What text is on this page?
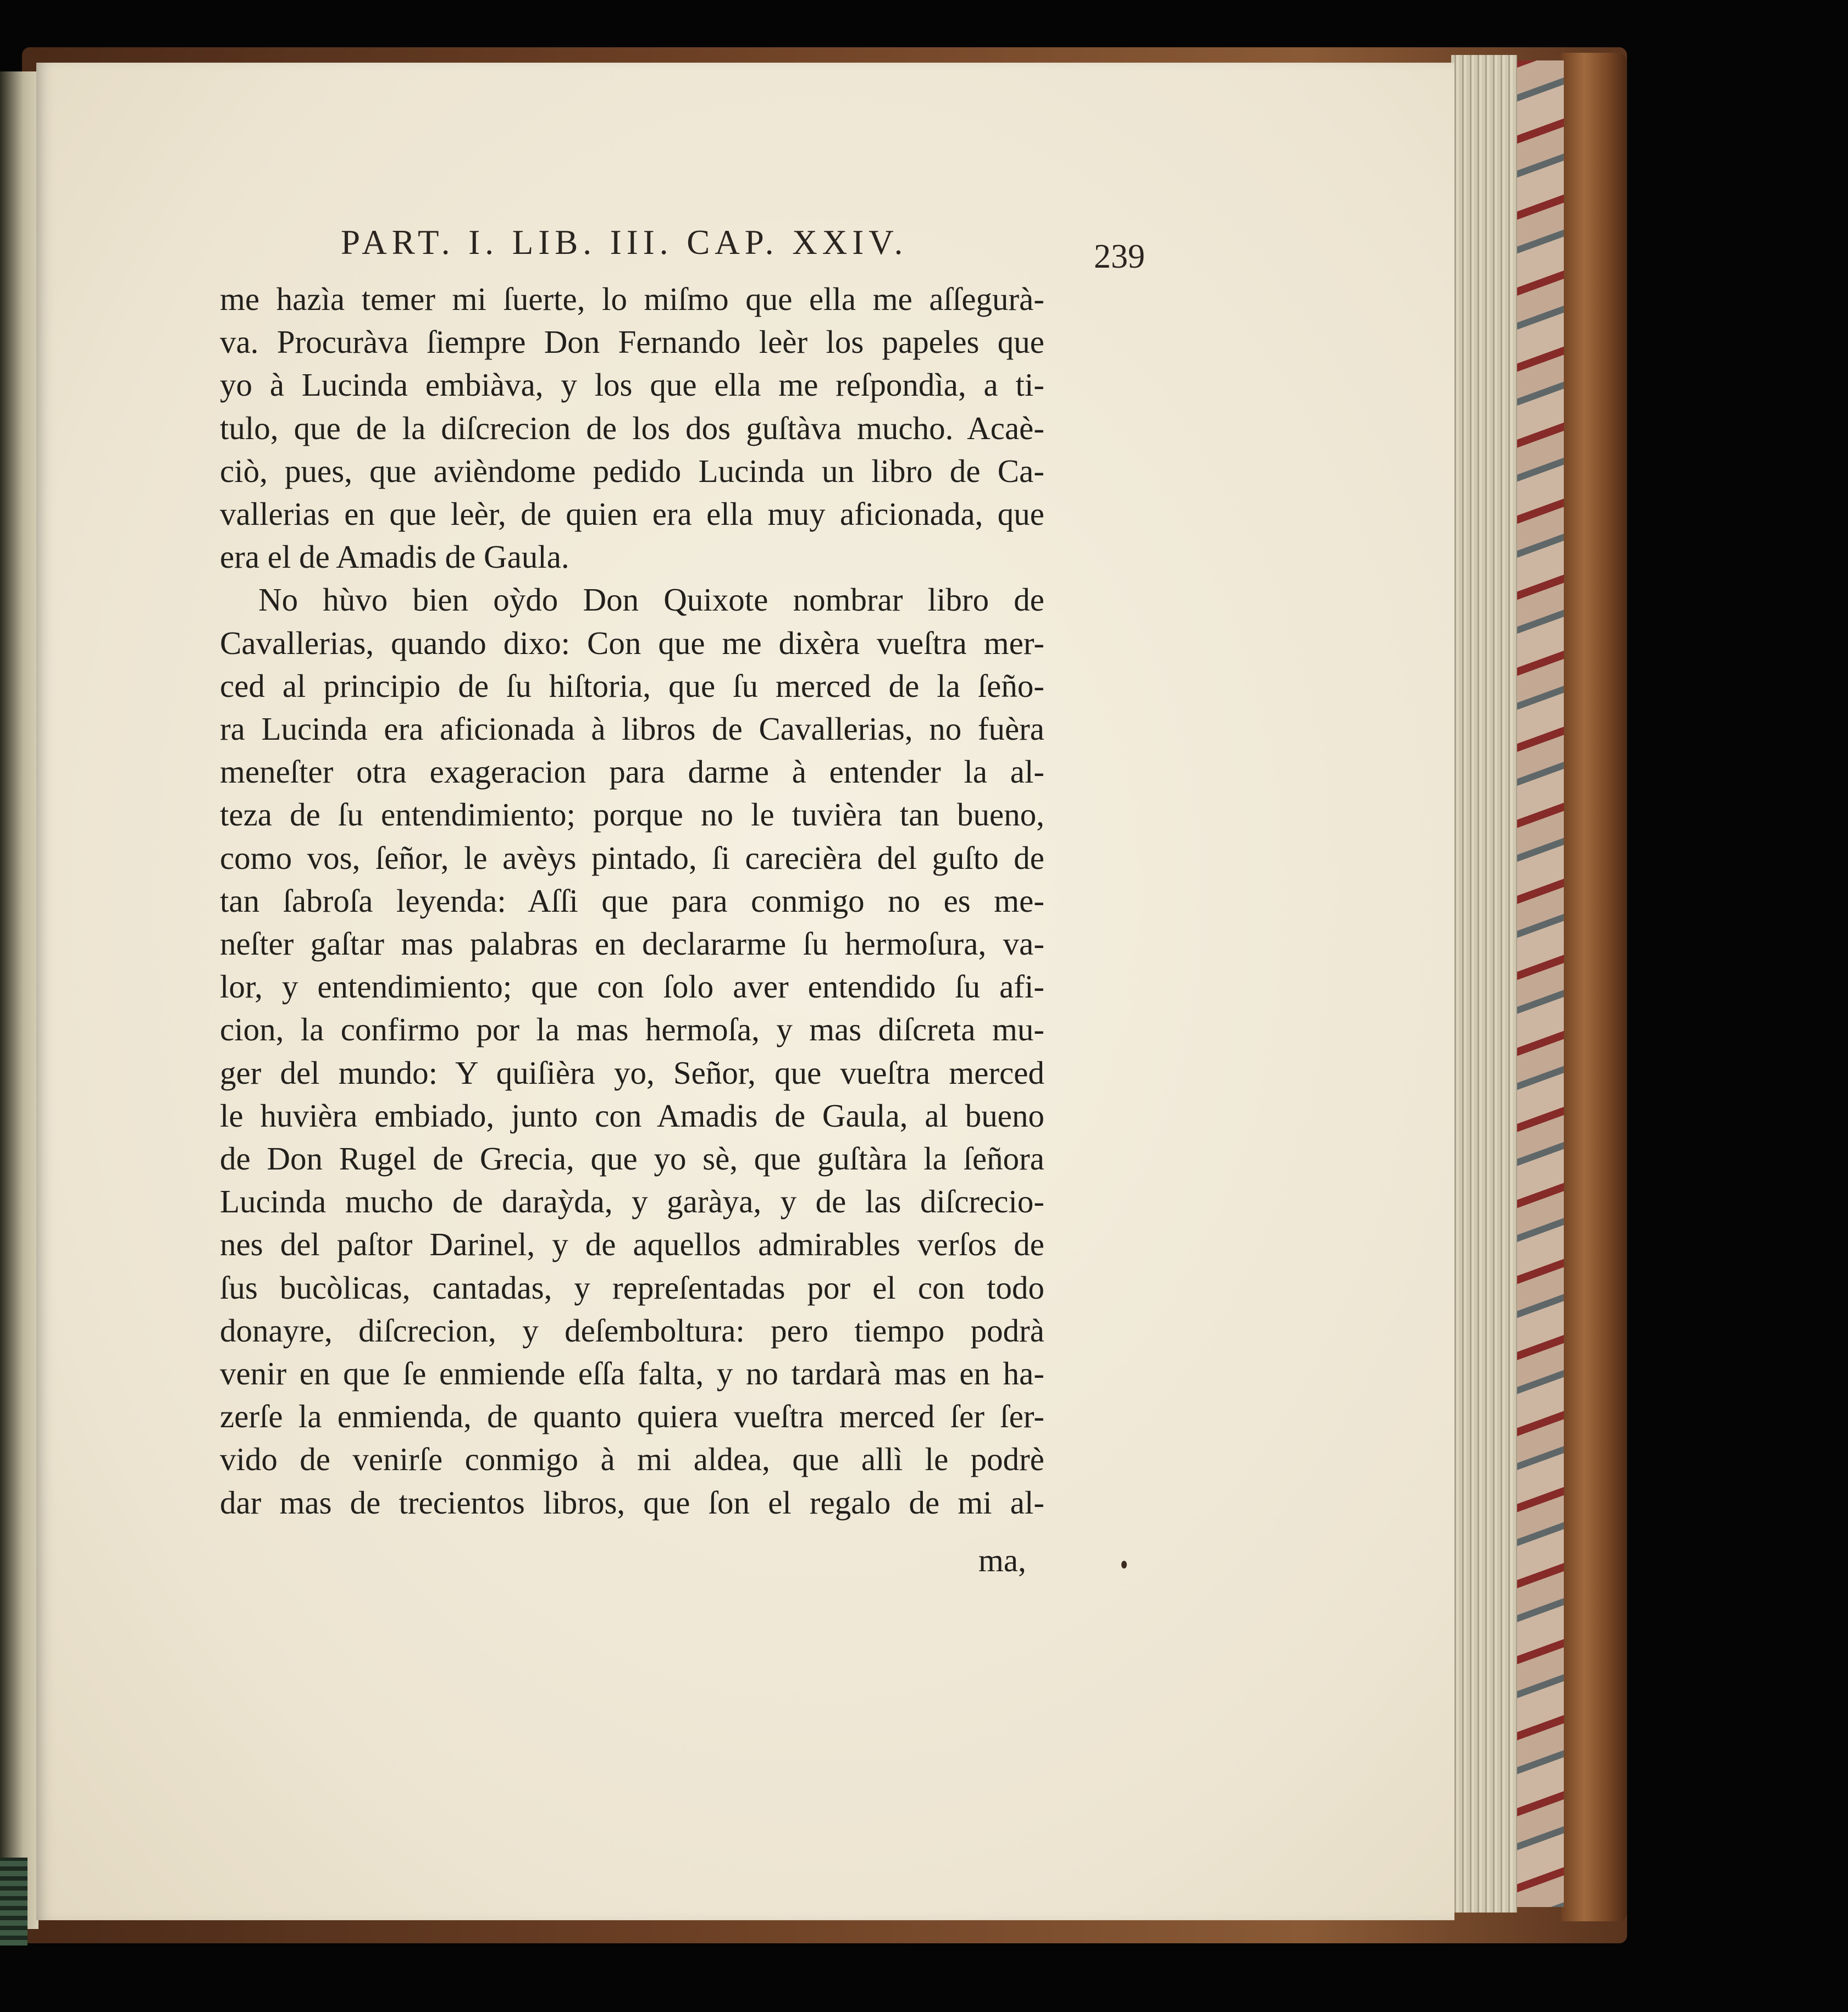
PART. I. LIB. III. CAP. XXIV.	239
me hazìa temer mi ſuerte, lo miſmo que ella me aſſegurà-
va. Procuràva ſiempre Don Fernando leèr los papeles que
yo à Lucinda embiàva, y los que ella me reſpondìa, a ti-
tulo, que de la diſcrecion de los dos guſtàva mucho. Acaè-
ciò, pues, que avièndome pedido Lucinda un libro de Ca-
vallerias en que leèr, de quien era ella muy aficionada, que
era el de Amadis de Gaula.
No hùvo bien oỳdo Don Quixote nombrar libro de
Cavallerias, quando dixo: Con que me dixèra vueſtra mer-
ced al principio de ſu hiſtoria, que ſu merced de la ſeño-
ra Lucinda era aficionada à libros de Cavallerias, no fuèra
meneſter otra exageracion para darme à entender la al-
teza de ſu entendimiento; porque no le tuvièra tan bueno,
como vos, ſeñor, le avèys pintado, ſi carecièra del guſto de
tan ſabroſa leyenda: Aſſi que para conmigo no es me-
neſter gaſtar mas palabras en declararme ſu hermoſura, va-
lor, y entendimiento; que con ſolo aver entendido ſu afi-
cion, la confirmo por la mas hermoſa, y mas diſcreta mu-
ger del mundo: Y quiſièra yo, Señor, que vueſtra merced
le huvièra embiado, junto con Amadis de Gaula, al bueno
de Don Rugel de Grecia, que yo sè, que guſtàra la ſeñora
Lucinda mucho de daraỳda, y garàya, y de las diſcrecio-
nes del paſtor Darinel, y de aquellos admirables verſos de
ſus bucòlicas, cantadas, y repreſentadas por el con todo
donayre, diſcrecion, y deſemboltura: pero tiempo podrà
venir en que ſe enmiende eſſa falta, y no tardarà mas en ha-
zerſe la enmienda, de quanto quiera vueſtra merced ſer ſer-
vido de venirſe conmigo à mi aldea, que allì le podrè
dar mas de trecientos libros, que ſon el regalo de mi al-
ma,
